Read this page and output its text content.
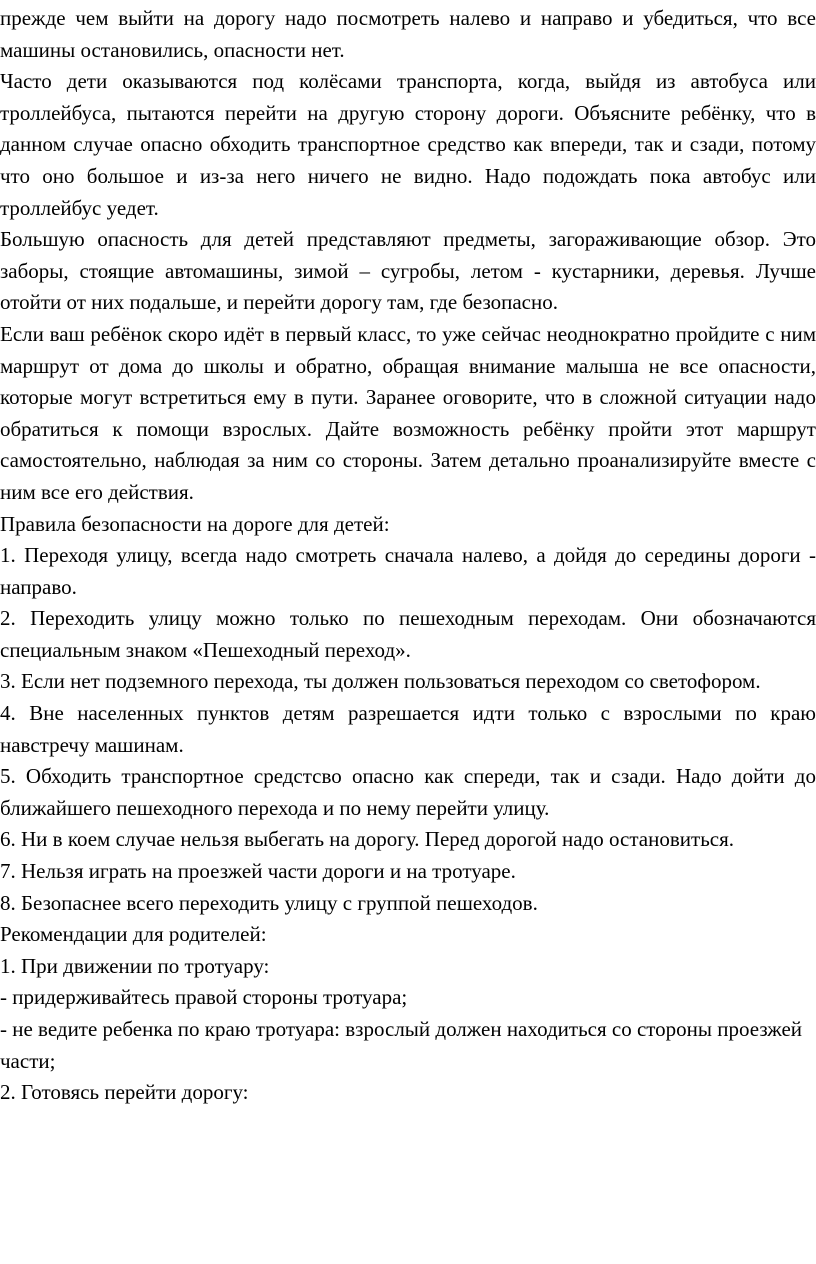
прежде чем выйти на дорогу надо посмотреть налево и направо и убедиться, что все машины остановились, опасности нет.

Часто дети оказываются под колёсами транспорта, когда, выйдя из автобуса или троллейбуса, пытаются перейти на другую сторону дороги. Объясните ребёнку, что в данном случае опасно обходить транспортное средство как впереди, так и сзади, потому что оно большое и из-за него ничего не видно. Надо подождать пока автобус или троллейбус уедет.

Большую опасность для детей представляют предметы, загораживающие обзор. Это заборы, стоящие автомашины, зимой – сугробы, летом - кустарники, деревья. Лучше отойти от них подальше, и перейти дорогу там, где безопасно.

Если ваш ребёнок скоро идёт в первый класс, то уже сейчас неоднократно пройдите с ним маршрут от дома до школы и обратно, обращая внимание малыша не все опасности, которые могут встретиться ему в пути. Заранее оговорите, что в сложной ситуации надо обратиться к помощи взрослых. Дайте возможность ребёнку пройти этот маршрут самостоятельно, наблюдая за ним со стороны. Затем детально проанализируйте вместе с ним все его действия.

Правила безопасности на дороге для детей:

1. Переходя улицу, всегда надо смотреть сначала налево, а дойдя до середины дороги - направо.

2. Переходить улицу можно только по пешеходным переходам. Они обозначаются специальным знаком «Пешеходный переход».

3. Если нет подземного перехода, ты должен пользоваться переходом со светофором.

4. Вне населенных пунктов детям разрешается идти только с взрослыми по краю навстречу машинам.

5. Обходить транспортное средстсво опасно как спереди, так и сзади. Надо дойти до ближайшего пешеходного перехода и по нему перейти улицу.

6. Ни в коем случае нельзя выбегать на дорогу. Перед дорогой надо остановиться.

7. Нельзя играть на проезжей части дороги и на тротуаре.

8. Безопаснее всего переходить улицу с группой пешеходов.

Рекомендации для родителей:

1. При движении по тротуару:

- придерживайтесь правой стороны тротуара;

- не ведите ребенка по краю тротуара: взрослый должен находиться со стороны проезжей части;

2. Готовясь перейти дорогу:
